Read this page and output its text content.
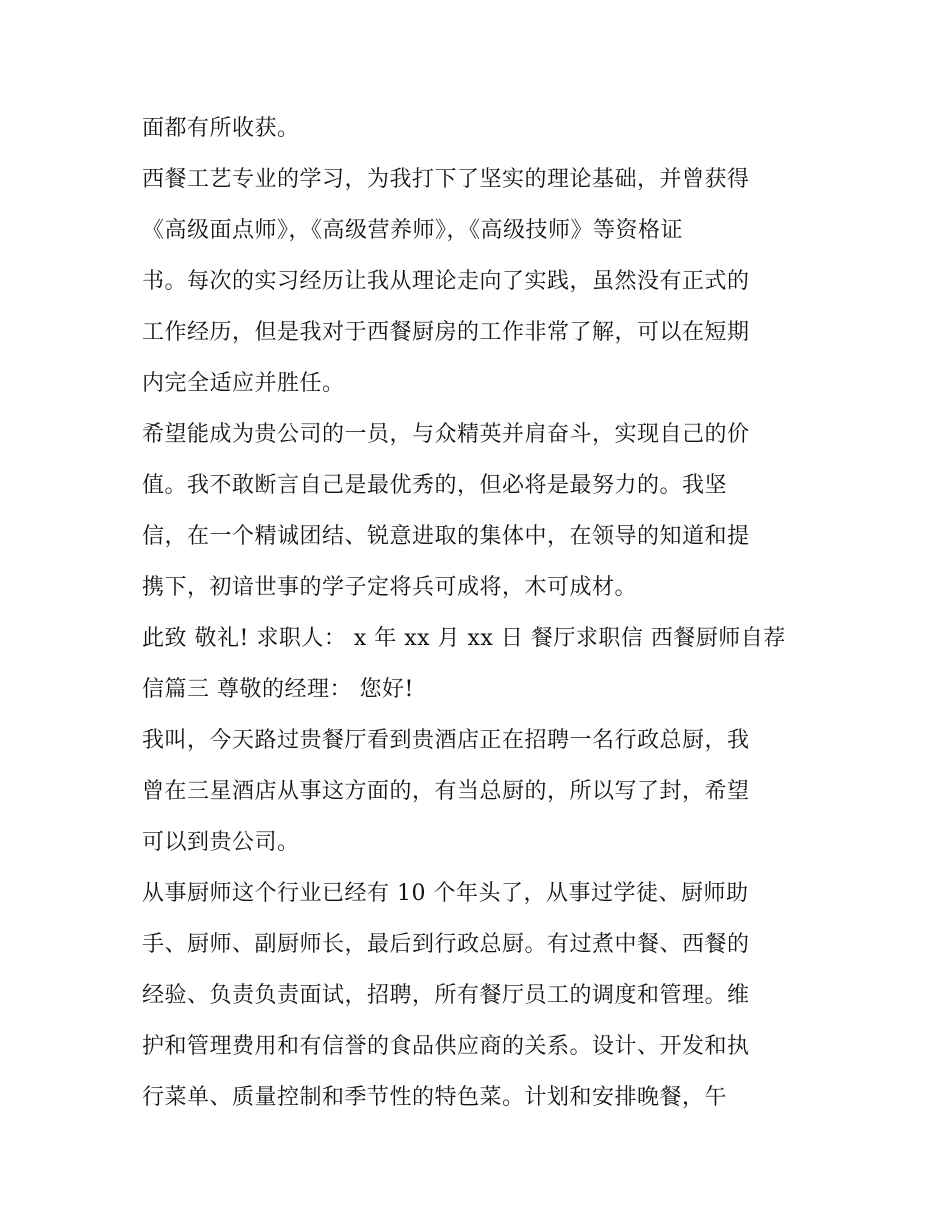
面都有所收获。
西餐工艺专业的学习，为我打下了坚实的理论基础，并曾获得
《高级面点师》，《高级营养师》，《高级技师》等资格证
书。每次的实习经历让我从理论走向了实践，虽然没有正式的
工作经历，但是我对于西餐厨房的工作非常了解，可以在短期
内完全适应并胜任。
希望能成为贵公司的一员，与众精英并肩奋斗，实现自己的价
值。我不敢断言自己是最优秀的，但必将是最努力的。我坚
信，在一个精诚团结、锐意进取的集体中，在领导的知道和提
携下，初谙世事的学子定将兵可成将，木可成材。
此致 敬礼! 求职人： x 年 xx 月 xx 日 餐厅求职信 西餐厨师自荐
信篇三 尊敬的经理： 您好!
我叫，今天路过贵餐厅看到贵酒店正在招聘一名行政总厨，我
曾在三星酒店从事这方面的，有当总厨的，所以写了封，希望
可以到贵公司。
从事厨师这个行业已经有 10 个年头了，从事过学徒、厨师助
手、厨师、副厨师长，最后到行政总厨。有过煮中餐、西餐的
经验、负责负责面试，招聘，所有餐厅员工的调度和管理。维
护和管理费用和有信誉的食品供应商的关系。设计、开发和执
行菜单、质量控制和季节性的特色菜。计划和安排晚餐，午
